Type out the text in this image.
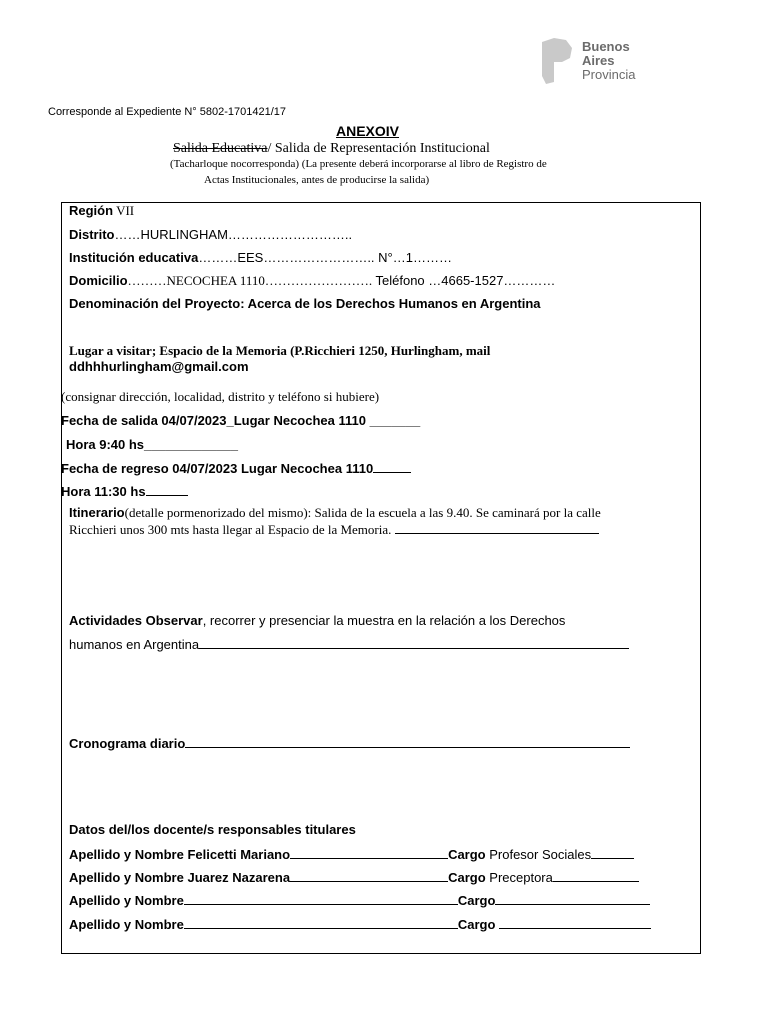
Buenos
Aires
Provincia
Corresponde al Expediente N° 5802-1701421/17
ANEXOIV
Salida Educativa/ Salida de Representación Institucional
(Tacharloque nocorresponda) (La presente deberá incorporarse al libro de Registro de
Actas Institucionales, antes de producirse la salida)
Región VII
Distrito……HURLINGHAM………………………..
Institución educativa………EES…………………….. N°…1………
Domicilio………NECOCHEA 1110……………………. Teléfono …4665-1527…………
Denominación del Proyecto: Acerca de los Derechos Humanos en Argentina
Lugar a visitar; Espacio de la Memoria (P.Ricchieri 1250, Hurlingham, mail
ddhhhurlingham@gmail.com
(consignar dirección, localidad, distrito y teléfono si hubiere)
Fecha de salida 04/07/2023_Lugar Necochea 1110 _______
Hora 9:40 hs_____________
Fecha de regreso 04/07/2023 Lugar Necochea 1110
Hora 11:30 hs
Itinerario(detalle pormenorizado del mismo): Salida de la escuela a las 9.40. Se caminará por la calle
Ricchieri unos 300 mts hasta llegar al Espacio de la Memoria.
Actividades Observar, recorrer y presenciar la muestra en la relación a los Derechos
humanos en Argentina
Cronograma diario
Datos del/los docente/s responsables titulares
Apellido y Nombre Felicetti Mariano	Cargo Profesor Sociales
Apellido y Nombre Juarez Nazarena	Cargo Preceptora
Apellido y Nombre	Cargo
Apellido y Nombre	Cargo
